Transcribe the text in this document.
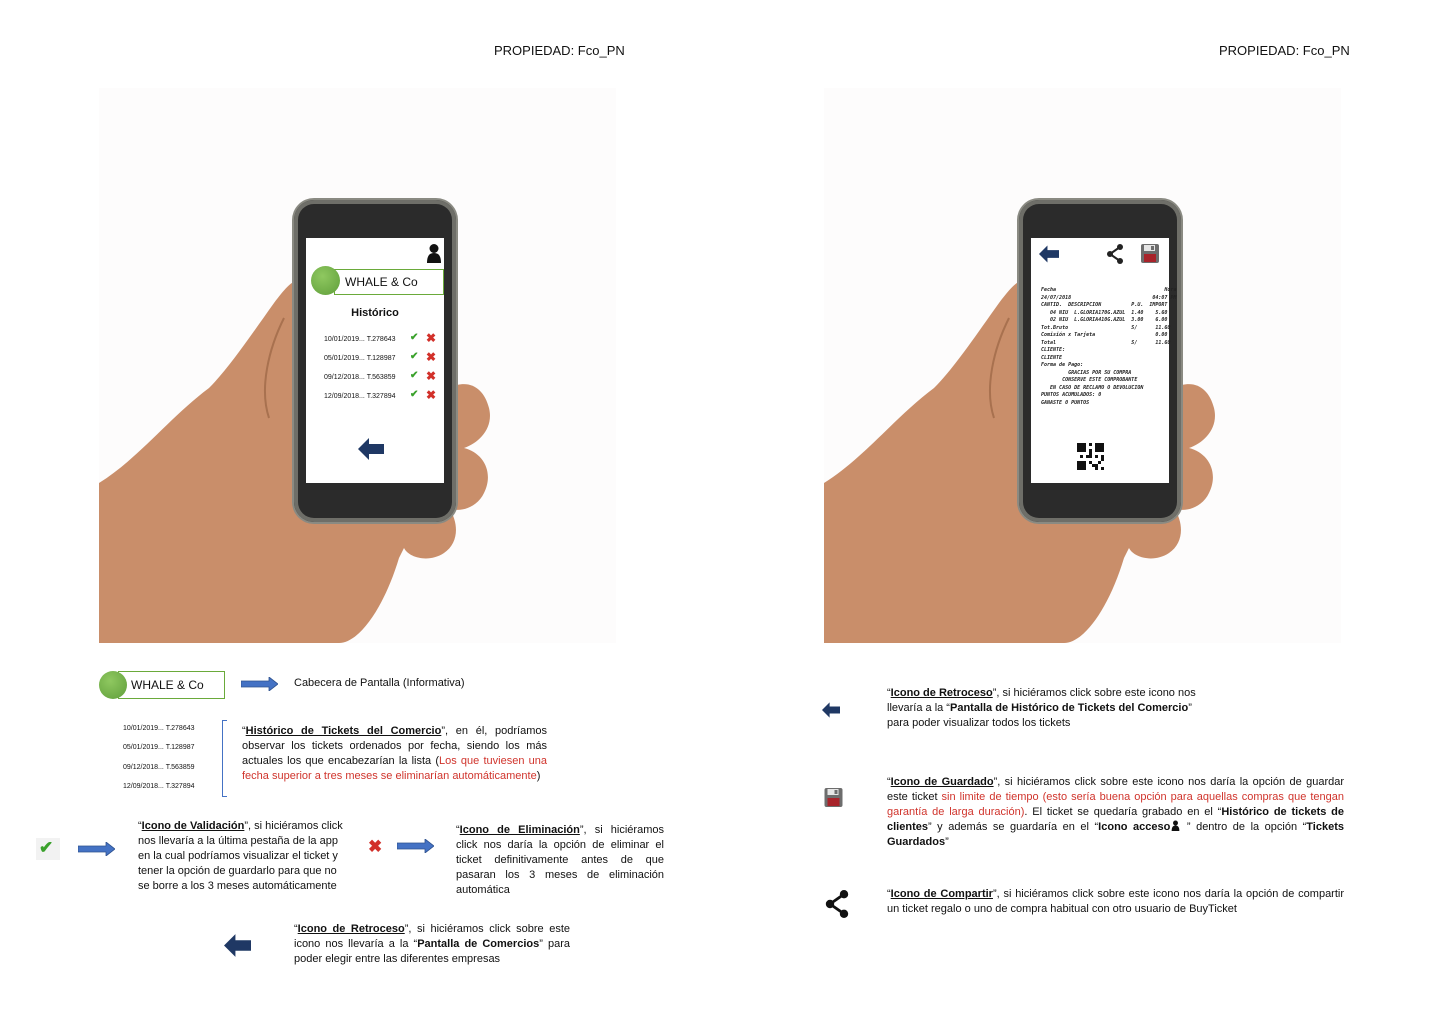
PROPIEDAD: Fco_PN	PROPIEDAD: Fco_PN
WHALE & Co
Histórico
10/01/2019... T.278643 ✔ ✖
05/01/2019... T.128987 ✔ ✖
09/12/2018... T.563859 ✔ ✖
12/09/2018... T.327894 ✔ ✖

Fecha                                    Hora
24/07/2018                           04:07 PM
CANTID.  DESCRIPCION          P.U.  IMPORT
04 NIU  L.GLORIA170G.AZUL  1.40    5.60
02 NIU  L.GLORIA410G.AZUL  3.00    6.00
Tot.Bruto                     S/      11.60
Comisión x Tarjeta                    0.00
Total                         S/      11.60
CLIENTE:
CLIENTE
Forma de Pago:
GRACIAS POR SU COMPRA
CONSERVE ESTE COMPROBANTE
EN CASO DE RECLAMO O DEVOLUCION
PUNTOS ACUMULADOS: 0
GANASTE 0 PUNTOS

WHALE & Co	Cabecera de Pantalla (Informativa)
10/01/2019... T.278643
05/01/2019... T.128987
09/12/2018... T.563859
12/09/2018... T.327894
“Histórico de Tickets del Comercio”, en él, podríamos observar los tickets ordenados por fecha, siendo los más actuales los que encabezarían la lista (Los que tuviesen una fecha superior a tres meses se eliminarían automáticamente)
✔
“Icono de Validación”, si hiciéramos click nos llevaría a la última pestaña de la app en la cual podríamos visualizar el ticket y tener la opción de guardarlo para que no se borre a los 3 meses automáticamente
✖
“Icono de Eliminación”, si hiciéramos click nos daría la opción de eliminar el ticket definitivamente antes de que pasaran los 3 meses de eliminación automática
“Icono de Retroceso”, si hiciéramos click sobre este icono nos llevaría a la “Pantalla de Comercios” para poder elegir entre las diferentes empresas
“Icono de Retroceso”, si hiciéramos click sobre este icono nos llevaría a la “Pantalla de Histórico de Tickets del Comercio” para poder visualizar todos los tickets
“Icono de Guardado”, si hiciéramos click sobre este icono nos daría la opción de guardar este ticket sin limite de tiempo (esto sería buena opción para aquellas compras que tengan garantía de larga duración). El ticket se quedaría grabado en el “Histórico de tickets de clientes” y además se guardaría en el “Icono acceso ” dentro de la opción “Tickets Guardados”
“Icono de Compartir”, si hiciéramos click sobre este icono nos daría la opción de compartir un ticket regalo o uno de compra habitual con otro usuario de BuyTicket
